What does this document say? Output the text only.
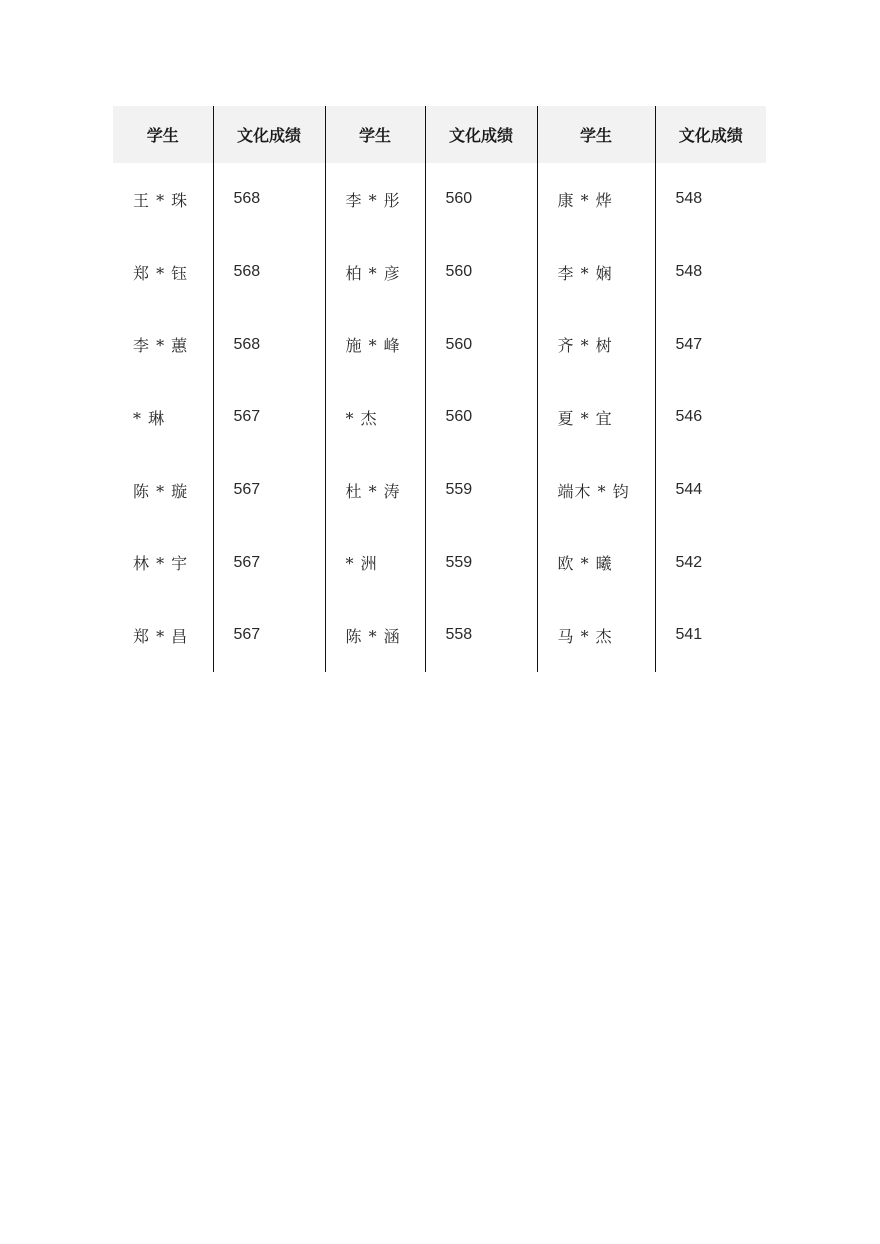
学生	文化成绩	学生	文化成绩	学生	文化成绩
王 * 珠	568	李 * 彤	560	康 * 烨	548
郑 * 钰	568	柏 * 彦	560	李 * 娴	548
李 * 蕙	568	施 * 峰	560	齐 * 树	547
* 琳	567	* 杰	560	夏 * 宜	546
陈 * 璇	567	杜 * 涛	559	端木 * 钧	544
林 * 宇	567	* 洲	559	欧 * 曦	542
郑 * 昌	567	陈 * 涵	558	马 * 杰	541
